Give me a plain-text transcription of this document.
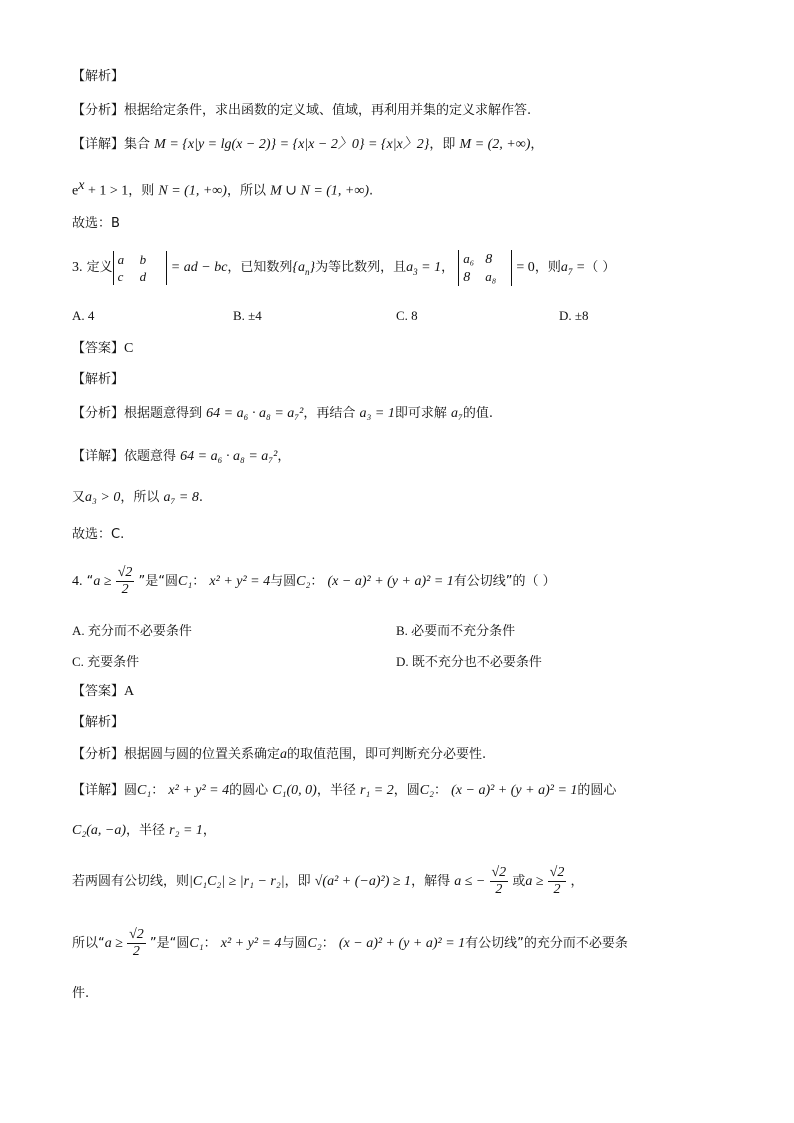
【解析】
【分析】根据给定条件，求出函数的定义域、值域，再利用并集的定义求解作答.
【详解】集合 M = {x|y = lg(x − 2)} = {x|x − 2〉0} = {x|x〉2}，即 M = (2, +∞)，
$e^x + 1 > 1$，则 N = (1, +∞)，所以 M ∪ N = (1, +∞).
故选：B
3. 定义a b
c d = ad − bc，已知数列$\{a_n\}$为等比数列，且$a_3 = 1$， a₆ 8
8 a₈ = 0，则$a_7$ =（ ）
A. 4	B. ±4	C. 8	D. ±8
【答案】C
【解析】
【分析】根据题意得到 64 = a₆ · a₈ = a₇²，再结合 a₃ = 1即可求解 a₇的值.
【详解】依题意得 64 = a₆ · a₈ = a₇²，
又a₃ > 0，所以 a₇ = 8.
故选：C.
4. “$a \ge \frac{√2}{2}$ ”是“圆C₁： x² + y² = 4与圆C₂： (x − a)² + (y + a)² = 1有公切线”的（ ）
A. 充分而不必要条件	B. 必要而不充分条件
C. 充要条件	D. 既不充分也不必要条件
【答案】A
【解析】
【分析】根据圆与圆的位置关系确定a的取值范围，即可判断充分必要性.
【详解】圆C₁： x² + y² = 4的圆心 C₁(0, 0)，半径 r₁ = 2，圆C₂： (x − a)² + (y + a)² = 1的圆心
C₂(a, −a)，半径 r₂ = 1，
若两圆有公切线，则|C₁C₂| ≥ |r₁ − r₂|，即 √(a² + (−a)²) ≥ 1，解得 a ≤ − $\frac{√2}{2}$ 或$a \ge \frac{√2}{2}$ ，
所以“$a \ge \frac{√2}{2}$ ”是“圆C₁： x² + y² = 4与圆C₂： (x − a)² + (y + a)² = 1有公切线”的充分而不必要条
件.
